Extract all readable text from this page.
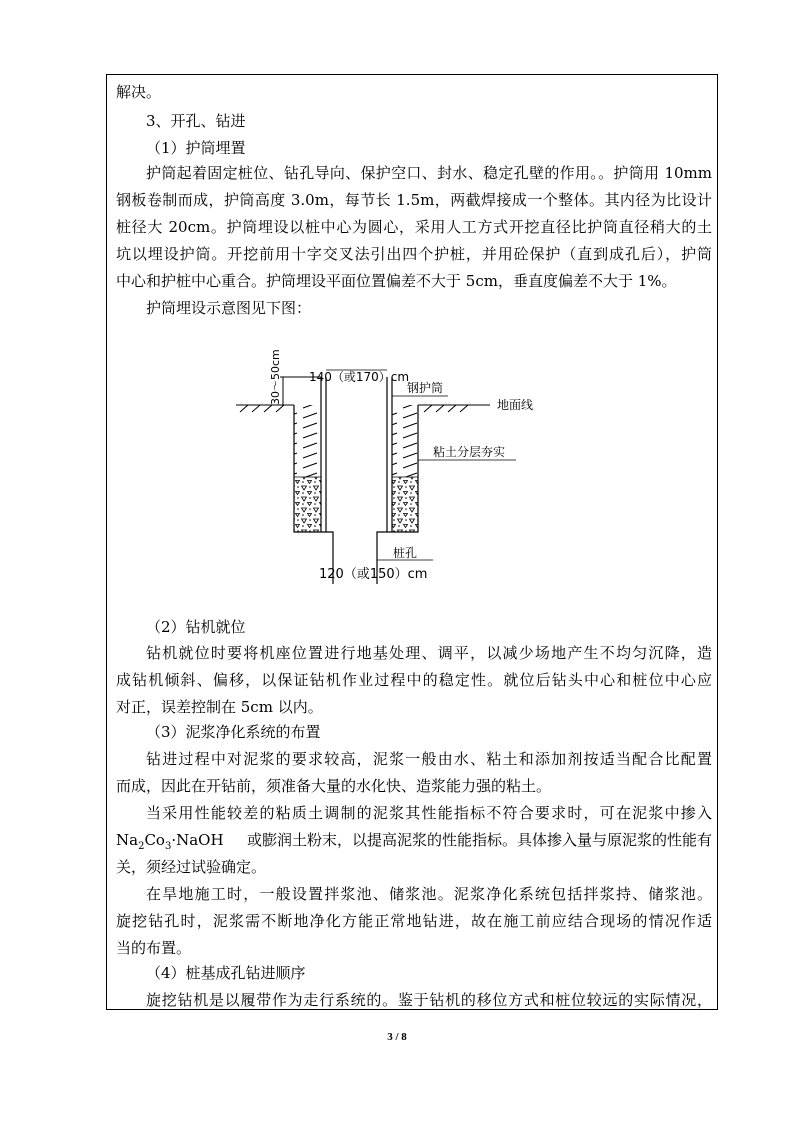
解决。
3、开孔、钻进
（1）护筒埋置
护筒起着固定桩位、钻孔导向、保护空口、封水、稳定孔壁的作用。。护筒用 10mm
钢板卷制而成，护筒高度 3.0m，每节长 1.5m，两截焊接成一个整体。其内径为比设计
桩径大 20cm。护筒埋设以桩中心为圆心，采用人工方式开挖直径比护筒直径稍大的土
坑以埋设护筒。开挖前用十字交叉法引出四个护桩，并用砼保护（直到成孔后），护筒
中心和护桩中心重合。护筒埋设平面位置偏差不大于 5cm，垂直度偏差不大于 1%。
护筒埋设示意图见下图：
30～50cm 140（或170）cm
钢护筒
地面线
粘土分层夯实
桩孔
120（或150）cm
（2）钻机就位
钻机就位时要将机座位置进行地基处理、调平，以减少场地产生不均匀沉降，造
成钻机倾斜、偏移，以保证钻机作业过程中的稳定性。就位后钻头中心和桩位中心应
对正，误差控制在 5cm 以内。
（3）泥浆净化系统的布置
钻进过程中对泥浆的要求较高，泥浆一般由水、粘土和添加剂按适当配合比配置
而成，因此在开钻前，须准备大量的水化快、造浆能力强的粘土。
当采用性能较差的粘质土调制的泥浆其性能指标不符合要求时，可在泥浆中掺入
$Na_2Co_3\cdot NaOH$ 或膨润土粉末，以提高泥浆的性能指标。具体掺入量与原泥浆的性能有
关，须经过试验确定。
在旱地施工时，一般设置拌浆池、储浆池。泥浆净化系统包括拌浆持、储浆池。
旋挖钻孔时，泥浆需不断地净化方能正常地钻进，故在施工前应结合现场的情况作适
当的布置。
（4）桩基成孔钻进顺序
旋挖钻机是以履带作为走行系统的。鉴于钻机的移位方式和桩位较远的实际情况，
3 / 8
